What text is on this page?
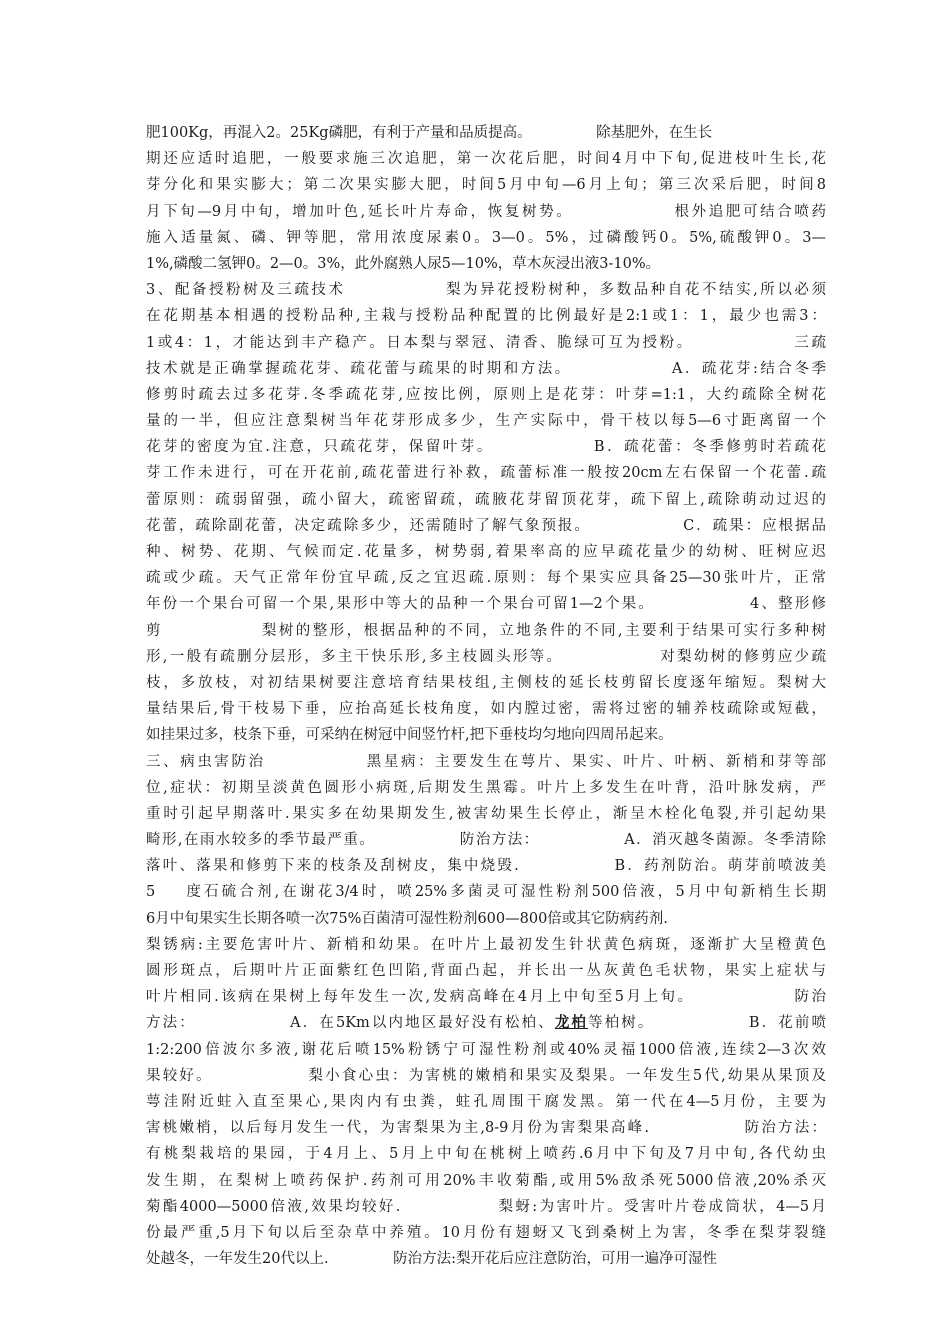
肥100Kg，再混入2。25Kg磷肥，有利于产量和品质提高。              除基肥外，在生长
期还应适时追肥，一般要求施三次追肥，第一次花后肥，时间4月中下旬,促进枝叶生长,花
芽分化和果实膨大；第二次果实膨大肥，时间5月中旬—6月上旬；第三次采后肥，时间8
月下旬—9月中旬，增加叶色,延长叶片寿命，恢复树势。              根外追肥可结合喷药
施入适量氮、磷、钾等肥，常用浓度尿素0。3—0。5%，过磷酸钙0。5%,硫酸钾0。3—
1%,磷酸二氢钾0。2—0。3%，此外腐熟人尿5—10%，草木灰浸出液3-10%。
3、配备授粉树及三疏技术              梨为异花授粉树种，多数品种自花不结实,所以必须
在花期基本相遇的授粉品种,主栽与授粉品种配置的比例最好是2:1或1：1，最少也需3：
1或4：1，才能达到丰产稳产。日本梨与翠冠、清香、脆绿可互为授粉。              三疏
技术就是正确掌握疏花芽、疏花蕾与疏果的时期和方法。              A．疏花芽:结合冬季
修剪时疏去过多花芽.冬季疏花芽,应按比例，原则上是花芽：叶芽=1:1，大约疏除全树花
量的一半，但应注意梨树当年花芽形成多少，生产实际中，骨干枝以每5—6寸距离留一个
花芽的密度为宜.注意，只疏花芽，保留叶芽。              B．疏花蕾：冬季修剪时若疏花
芽工作未进行，可在开花前,疏花蕾进行补救，疏蕾标准一般按20cm左右保留一个花蕾.疏
蕾原则：疏弱留强，疏小留大，疏密留疏，疏腋花芽留顶花芽，疏下留上,疏除萌动过迟的
花蕾，疏除副花蕾，决定疏除多少，还需随时了解气象预报。              C．疏果：应根据品
种、树势、花期、气候而定.花量多，树势弱,着果率高的应早疏花量少的幼树、旺树应迟
疏或少疏。天气正常年份宜早疏,反之宜迟疏.原则：每个果实应具备25—30张叶片，正常
年份一个果台可留一个果,果形中等大的品种一个果台可留1—2个果。              4、整形修
剪              梨树的整形，根据品种的不同，立地条件的不同,主要利于结果可实行多种树
形,一般有疏删分层形，多主干快乐形,多主枝圆头形等。              对梨幼树的修剪应少疏
枝，多放枝，对初结果树要注意培育结果枝组,主侧枝的延长枝剪留长度逐年缩短。梨树大
量结果后,骨干枝易下垂，应抬高延长枝角度，如内膛过密，需将过密的辅养枝疏除或短截，
如挂果过多，枝条下垂，可采纳在树冠中间竖竹杆,把下垂枝均匀地向四周吊起来。
三、病虫害防治              黑星病：主要发生在萼片、果实、叶片、叶柄、新梢和芽等部
位,症状：初期呈淡黄色圆形小病斑,后期发生黑霉。叶片上多发生在叶背，沿叶脉发病，严
重时引起早期落叶.果实多在幼果期发生,被害幼果生长停止，渐呈木栓化龟裂,并引起幼果
畸形,在雨水较多的季节最严重。              防治方法：              A．消灭越冬菌源。冬季清除
落叶、落果和修剪下来的枝条及刮树皮，集中烧毁.              B．药剂防治。萌芽前喷波美
5    度石硫合剂,在谢花3/4时，喷25%多菌灵可湿性粉剂500倍液，5月中旬新梢生长期
6月中旬果实生长期各喷一次75%百菌清可湿性粉剂600—800倍或其它防病药剂.
梨锈病:主要危害叶片、新梢和幼果。在叶片上最初发生针状黄色病斑，逐渐扩大呈橙黄色
圆形斑点，后期叶片正面紫红色凹陷,背面凸起，并长出一丛灰黄色毛状物，果实上症状与
叶片相同.该病在果树上每年发生一次,发病高峰在4月上中旬至5月上旬。              防治
方法：              A．在5Km以内地区最好没有松柏、龙柏等柏树。              B．花前喷
1:2:200倍波尔多液,谢花后喷15%粉锈宁可湿性粉剂或40%灵福1000倍液,连续2—3次效
果较好。              梨小食心虫：为害桃的嫩梢和果实及梨果。一年发生5代,幼果从果顶及
萼洼附近蛀入直至果心,果肉内有虫粪，蛀孔周围干腐发黑。第一代在4—5月份，主要为
害桃嫩梢，以后每月发生一代，为害梨果为主,8-9月份为害梨果高峰.              防治方法：
有桃梨栽培的果园，于4月上、5月上中旬在桃树上喷药.6月中下旬及7月中旬,各代幼虫
发生期，在梨树上喷药保护.药剂可用20%丰收菊酯,或用5%敌杀死5000倍液,20%杀灭
菊酯4000—5000倍液,效果均较好.              梨蚜:为害叶片。受害叶片卷成筒状，4—5月
份最严重,5月下旬以后至杂草中养殖。10月份有翅蚜又飞到桑树上为害，冬季在梨芽裂缝
处越冬，一年发生20代以上.              防治方法:梨开花后应注意防治，可用一遍净可湿性
